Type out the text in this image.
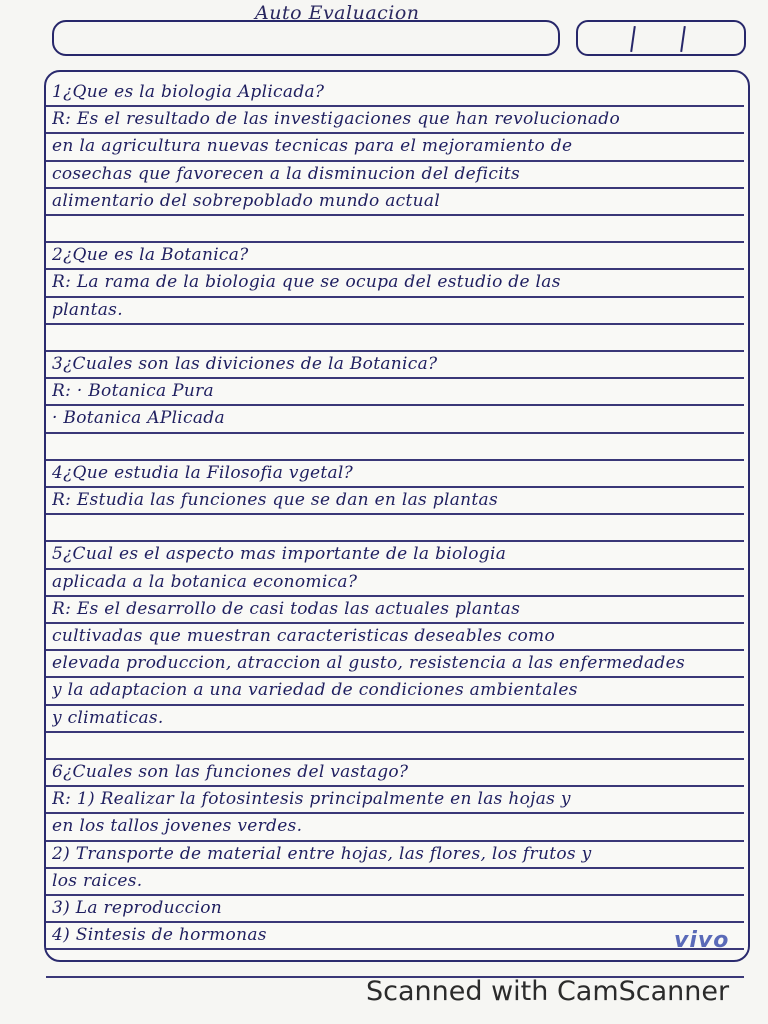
Auto Evaluacion
1¿Que es la biologia Aplicada?
R: Es el resultado de las investigaciones que han revolucionado
en la agricultura nuevas tecnicas para el mejoramiento de
cosechas que favorecen a la disminucion del deficits
alimentario del sobrepoblado mundo actual
2¿Que es la Botanica?
R: La rama de la biologia que se ocupa del estudio de las
plantas.
3¿Cuales son las diviciones de la Botanica?
R: · Botanica Pura
· Botanica APlicada
4¿Que estudia la Filosofia vgetal?
R: Estudia las funciones que se dan en las plantas
5¿Cual es el aspecto mas importante de la biologia
aplicada a la botanica economica?
R: Es el desarrollo de casi todas las actuales plantas
cultivadas que muestran caracteristicas deseables como
elevada produccion, atraccion al gusto, resistencia a las enfermedades
y la adaptacion a una variedad de condiciones ambientales
y climaticas.
6¿Cuales son las funciones del vastago?
R: 1) Realizar la fotosintesis principalmente en las hojas y
en los tallos jovenes verdes.
2) Transporte de material entre hojas, las flores, los frutos y
los raices.
3) La reproduccion
4) Sintesis de hormonas	vivo
Scanned with CamScanner
